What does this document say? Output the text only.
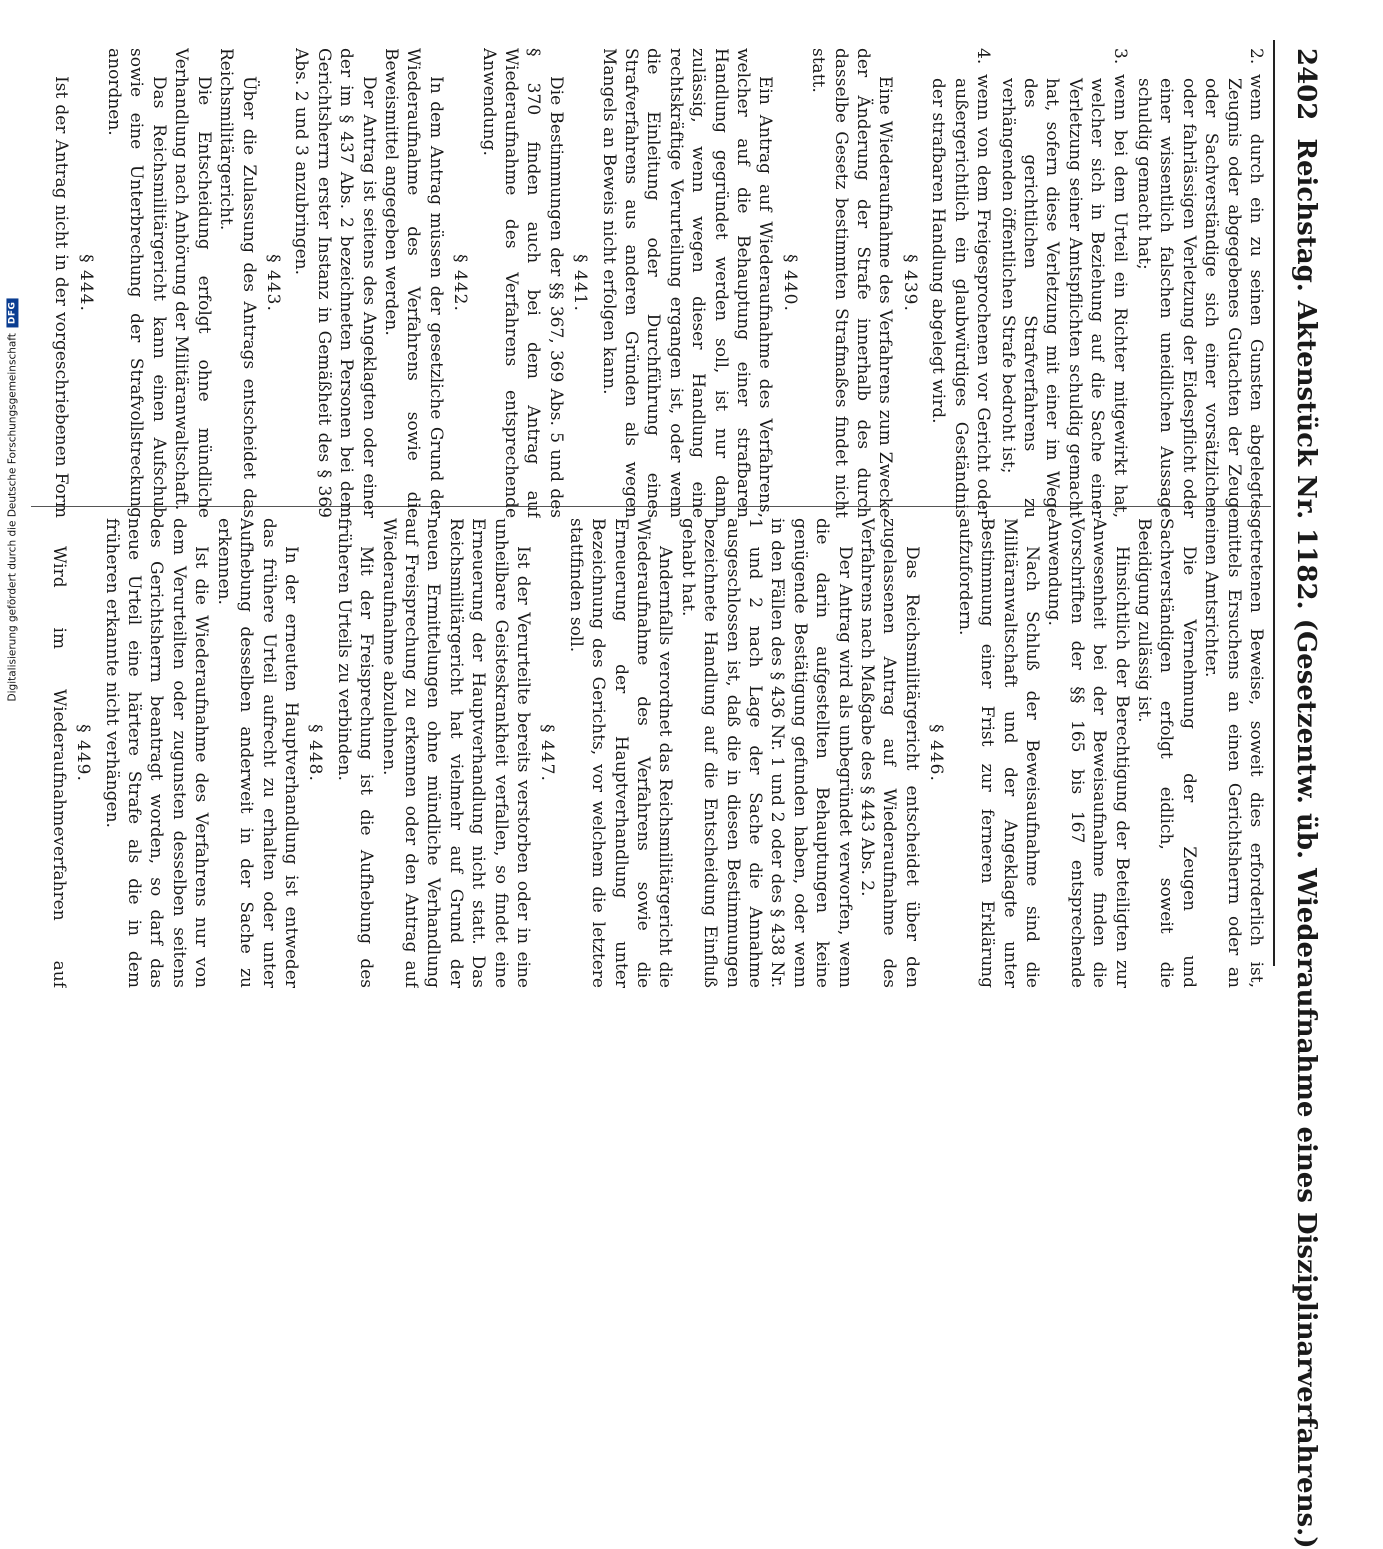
2402
Reichstag. Aktenstück Nr. 1182. (Gesetzentw. üb. Wiederaufnahme eines Disziplinarverfahrens.)

2.wenn durch ein zu seinen Gunsten abgelegtes Zeugnis oder abgegebenes Gutachten der Zeuge oder Sachverständige sich einer vorsätzlichen oder fahrlässigen Verletzung der Eidespflicht oder einer wissentlich falschen uneidlichen Aussage schuldig gemacht hat;

3.wenn bei dem Urteil ein Richter mitgewirkt hat, welcher sich in Beziehung auf die Sache einer Verletzung seiner Amtspflichten schuldig gemacht hat, sofern diese Verletzung mit einer im Wege des gerichtlichen Strafverfahrens zu verhängenden öffentlichen Strafe bedroht ist;

4.wenn von dem Freigesprochenen vor Gericht oder außergerichtlich ein glaubwürdiges Geständnis der strafbaren Handlung abgelegt wird.

§ 439.

Eine Wiederaufnahme des Verfahrens zum Zwecke der Änderung der Strafe innerhalb des durch dasselbe Gesetz bestimmten Strafmaßes findet nicht statt.

§ 440.

Ein Antrag auf Wiederaufnahme des Verfahrens, welcher auf die Behauptung einer strafbaren Handlung gegründet werden soll, ist nur dann zulässig, wenn wegen dieser Handlung eine rechtskräftige Verurteilung ergangen ist, oder wenn die Einleitung oder Durchführung eines Strafverfahrens aus anderen Gründen als wegen Mangels an Beweis nicht erfolgen kann.

§ 441.

Die Bestimmungen der §§ 367, 369 Abs. 5 und des § 370 finden auch bei dem Antrag auf Wiederaufnahme des Verfahrens entsprechende Anwendung.

§ 442.

In dem Antrag müssen der gesetzliche Grund der Wiederaufnahme des Verfahrens sowie die Beweismittel angegeben werden.

Der Antrag ist seitens des Angeklagten oder einer der im § 437 Abs. 2 bezeichneten Personen bei dem Gerichtsherrn erster Instanz in Gemäßheit des § 369 Abs. 2 und 3 anzubringen.

§ 443.

Über die Zulassung des Antrags entscheidet das Reichsmilitärgericht.

Die Entscheidung erfolgt ohne mündliche Verhandlung nach Anhörung der Militäranwaltschaft.

Das Reichsmilitärgericht kann einen Aufschub sowie eine Unterbrechung der Strafvollstreckung anordnen.

§ 444.

Ist der Antrag nicht in der vorgeschriebenen Form

getretenen Beweise, soweit dies erforderlich ist, mittels Ersuchens an einen Gerichtsherrn oder an einen Amtsrichter.

Die Vernehmung der Zeugen und Sachverständigen erfolgt eidlich, soweit die Beeidigung zulässig ist.

Hinsichtlich der Berechtigung der Beteiligten zur Anwesenheit bei der Beweisaufnahme finden die Vorschriften der §§ 165 bis 167 entsprechende Anwendung.

Nach Schluß der Beweisaufnahme sind die Militäranwaltschaft und der Angeklagte unter Bestimmung einer Frist zur ferneren Erklärung aufzufordern.

§ 446.

Das Reichsmilitärgericht entscheidet über den zugelassenen Antrag auf Wiederaufnahme des Verfahrens nach Maßgabe des § 443 Abs. 2.

Der Antrag wird als unbegründet verworfen, wenn die darin aufgestellten Behauptungen keine genügende Bestätigung gefunden haben, oder wenn in den Fällen des § 436 Nr. 1 und 2 oder des § 438 Nr. 1 und 2 nach Lage der Sache die Annahme ausgeschlossen ist, daß die in diesen Bestimmungen bezeichnete Handlung auf die Entscheidung Einfluß gehabt hat.

Andernfalls verordnet das Reichsmilitärgericht die Wiederaufnahme des Verfahrens sowie die Erneuerung der Hauptverhandlung unter Bezeichnung des Gerichts, vor welchem die letztere stattfinden soll.

§ 447.

Ist der Verurteilte bereits verstorben oder in eine unheilbare Geisteskrankheit verfallen, so findet eine Erneuerung der Hauptverhandlung nicht statt. Das Reichsmilitärgericht hat vielmehr auf Grund der neuen Ermittelungen ohne mündliche Verhandlung auf Freisprechung zu erkennen oder den Antrag auf Wiederaufnahme abzulehnen.

Mit der Freisprechung ist die Aufhebung des früheren Urteils zu verbinden.

§ 448.

In der erneuten Hauptverhandlung ist entweder das frühere Urteil aufrecht zu erhalten oder unter Aufhebung desselben anderweit in der Sache zu erkennen.

Ist die Wiederaufnahme des Verfahrens nur von dem Verurteilten oder zugunsten desselben seitens des Gerichtsherrn beantragt worden, so darf das neue Urteil eine härtere Strafe als die in dem früheren erkannte nicht verhängen.

§ 449.

Wird im Wiederaufnahmeverfahren auf

Digitalisierung gefördert durch die Deutsche Forschungsgemeinschaft
DFG
